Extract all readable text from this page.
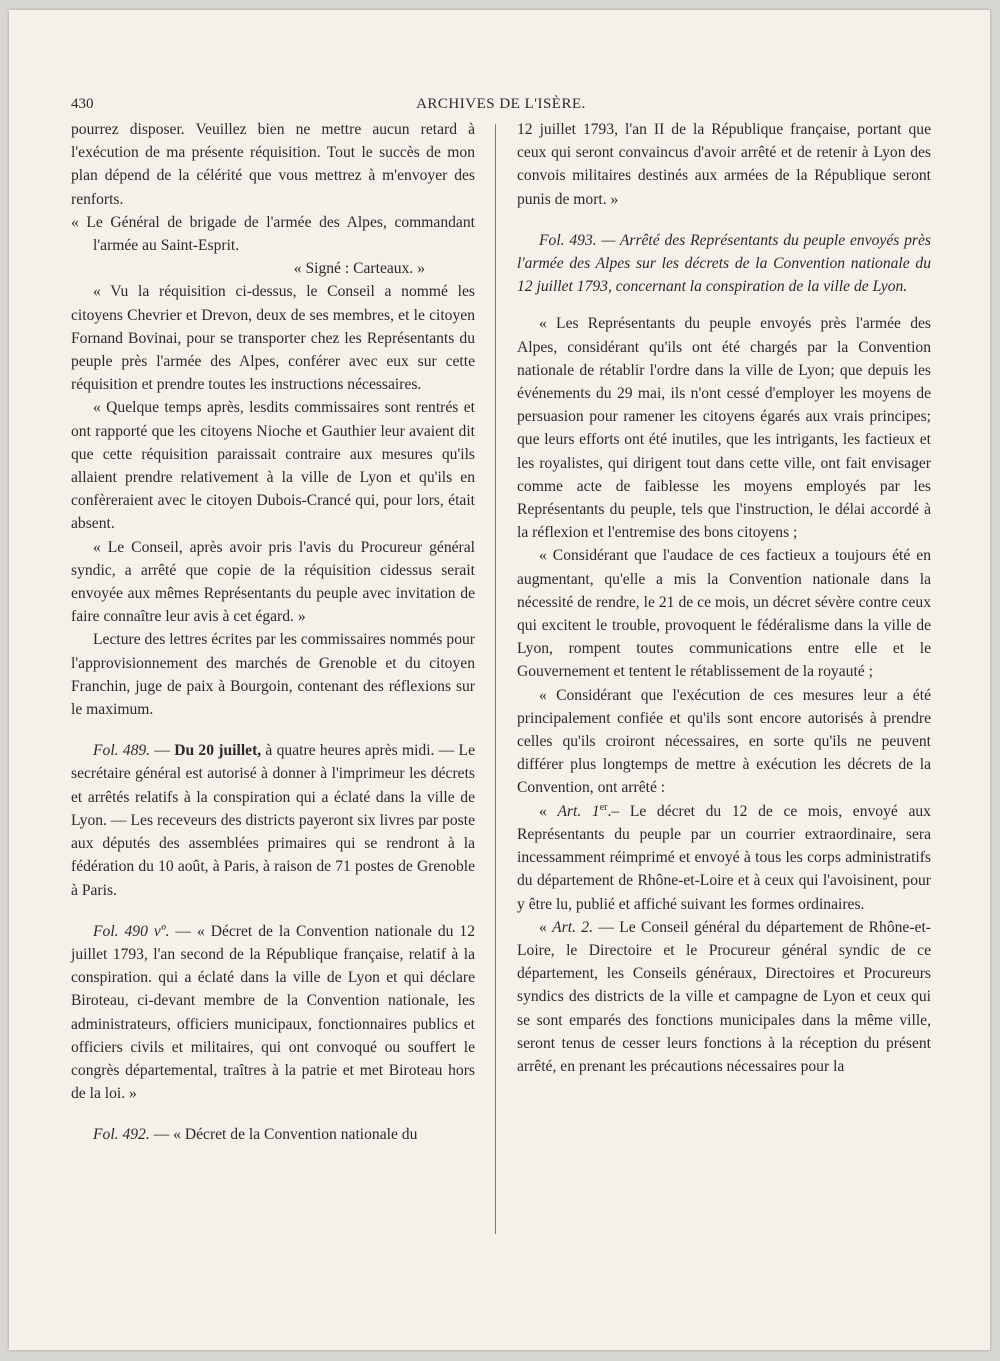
430	ARCHIVES DE L'ISÈRE.

pourrez disposer. Veuillez bien ne mettre aucun retard à l'exécution de ma présente réquisition. Tout le succès de mon plan dépend de la célérité que vous mettrez à m'envoyer des renforts.

« Le Général de brigade de l'armée des Alpes, commandant l'armée au Saint-Esprit.

« Signé : Carteaux. »

« Vu la réquisition ci-dessus, le Conseil a nommé les citoyens Chevrier et Drevon, deux de ses membres, et le citoyen Fornand Bovinai, pour se transporter chez les Représentants du peuple près l'armée des Alpes, conférer avec eux sur cette réquisition et prendre toutes les instructions nécessaires.

« Quelque temps après, lesdits commissaires sont rentrés et ont rapporté que les citoyens Nioche et Gauthier leur avaient dit que cette réquisition paraissait contraire aux mesures qu'ils allaient prendre relativement à la ville de Lyon et qu'ils en confèreraient avec le citoyen Dubois-Crancé qui, pour lors, était absent.

« Le Conseil, après avoir pris l'avis du Procureur général syndic, a arrêté que copie de la réquisition cidessus serait envoyée aux mêmes Représentants du peuple avec invitation de faire connaître leur avis à cet égard. »

Lecture des lettres écrites par les commissaires nommés pour l'approvisionnement des marchés de Grenoble et du citoyen Franchin, juge de paix à Bourgoin, contenant des réflexions sur le maximum.

Fol. 489. — Du 20 juillet, à quatre heures après midi. — Le secrétaire général est autorisé à donner à l'imprimeur les décrets et arrêtés relatifs à la conspiration qui a éclaté dans la ville de Lyon. — Les receveurs des districts payeront six livres par poste aux députés des assemblées primaires qui se rendront à la fédération du 10 août, à Paris, à raison de 71 postes de Grenoble à Paris.

Fol. 490 vº. — « Décret de la Convention nationale du 12 juillet 1793, l'an second de la République française, relatif à la conspiration. qui a éclaté dans la ville de Lyon et qui déclare Biroteau, ci-devant membre de la Convention nationale, les administrateurs, officiers municipaux, fonctionnaires publics et officiers civils et militaires, qui ont convoqué ou souffert le congrès départemental, traîtres à la patrie et met Biroteau hors de la loi. »

Fol. 492. — « Décret de la Convention nationale du

12 juillet 1793, l'an II de la République française, portant que ceux qui seront convaincus d'avoir arrêté et de retenir à Lyon des convois militaires destinés aux armées de la République seront punis de mort. »

Fol. 493. — Arrêté des Représentants du peuple envoyés près l'armée des Alpes sur les décrets de la Convention nationale du 12 juillet 1793, concernant la conspiration de la ville de Lyon.

« Les Représentants du peuple envoyés près l'armée des Alpes, considérant qu'ils ont été chargés par la Convention nationale de rétablir l'ordre dans la ville de Lyon; que depuis les événements du 29 mai, ils n'ont cessé d'employer les moyens de persuasion pour ramener les citoyens égarés aux vrais principes; que leurs efforts ont été inutiles, que les intrigants, les factieux et les royalistes, qui dirigent tout dans cette ville, ont fait envisager comme acte de faiblesse les moyens employés par les Représentants du peuple, tels que l'instruction, le délai accordé à la réflexion et l'entremise des bons citoyens ;

« Considérant que l'audace de ces factieux a toujours été en augmentant, qu'elle a mis la Convention nationale dans la nécessité de rendre, le 21 de ce mois, un décret sévère contre ceux qui excitent le trouble, provoquent le fédéralisme dans la ville de Lyon, rompent toutes communications entre elle et le Gouvernement et tentent le rétablissement de la royauté ;

« Considérant que l'exécution de ces mesures leur a été principalement confiée et qu'ils sont encore autorisés à prendre celles qu'ils croiront nécessaires, en sorte qu'ils ne peuvent différer plus longtemps de mettre à exécution les décrets de la Convention, ont arrêté :

« Art. 1er.– Le décret du 12 de ce mois, envoyé aux Représentants du peuple par un courrier extraordinaire, sera incessamment réimprimé et envoyé à tous les corps administratifs du département de Rhône-et-Loire et à ceux qui l'avoisinent, pour y être lu, publié et affiché suivant les formes ordinaires.

« Art. 2. — Le Conseil général du département de Rhône-et-Loire, le Directoire et le Procureur général syndic de ce département, les Conseils généraux, Directoires et Procureurs syndics des districts de la ville et campagne de Lyon et ceux qui se sont emparés des fonctions municipales dans la même ville, seront tenus de cesser leurs fonctions à la réception du présent arrêté, en prenant les précautions nécessaires pour la
